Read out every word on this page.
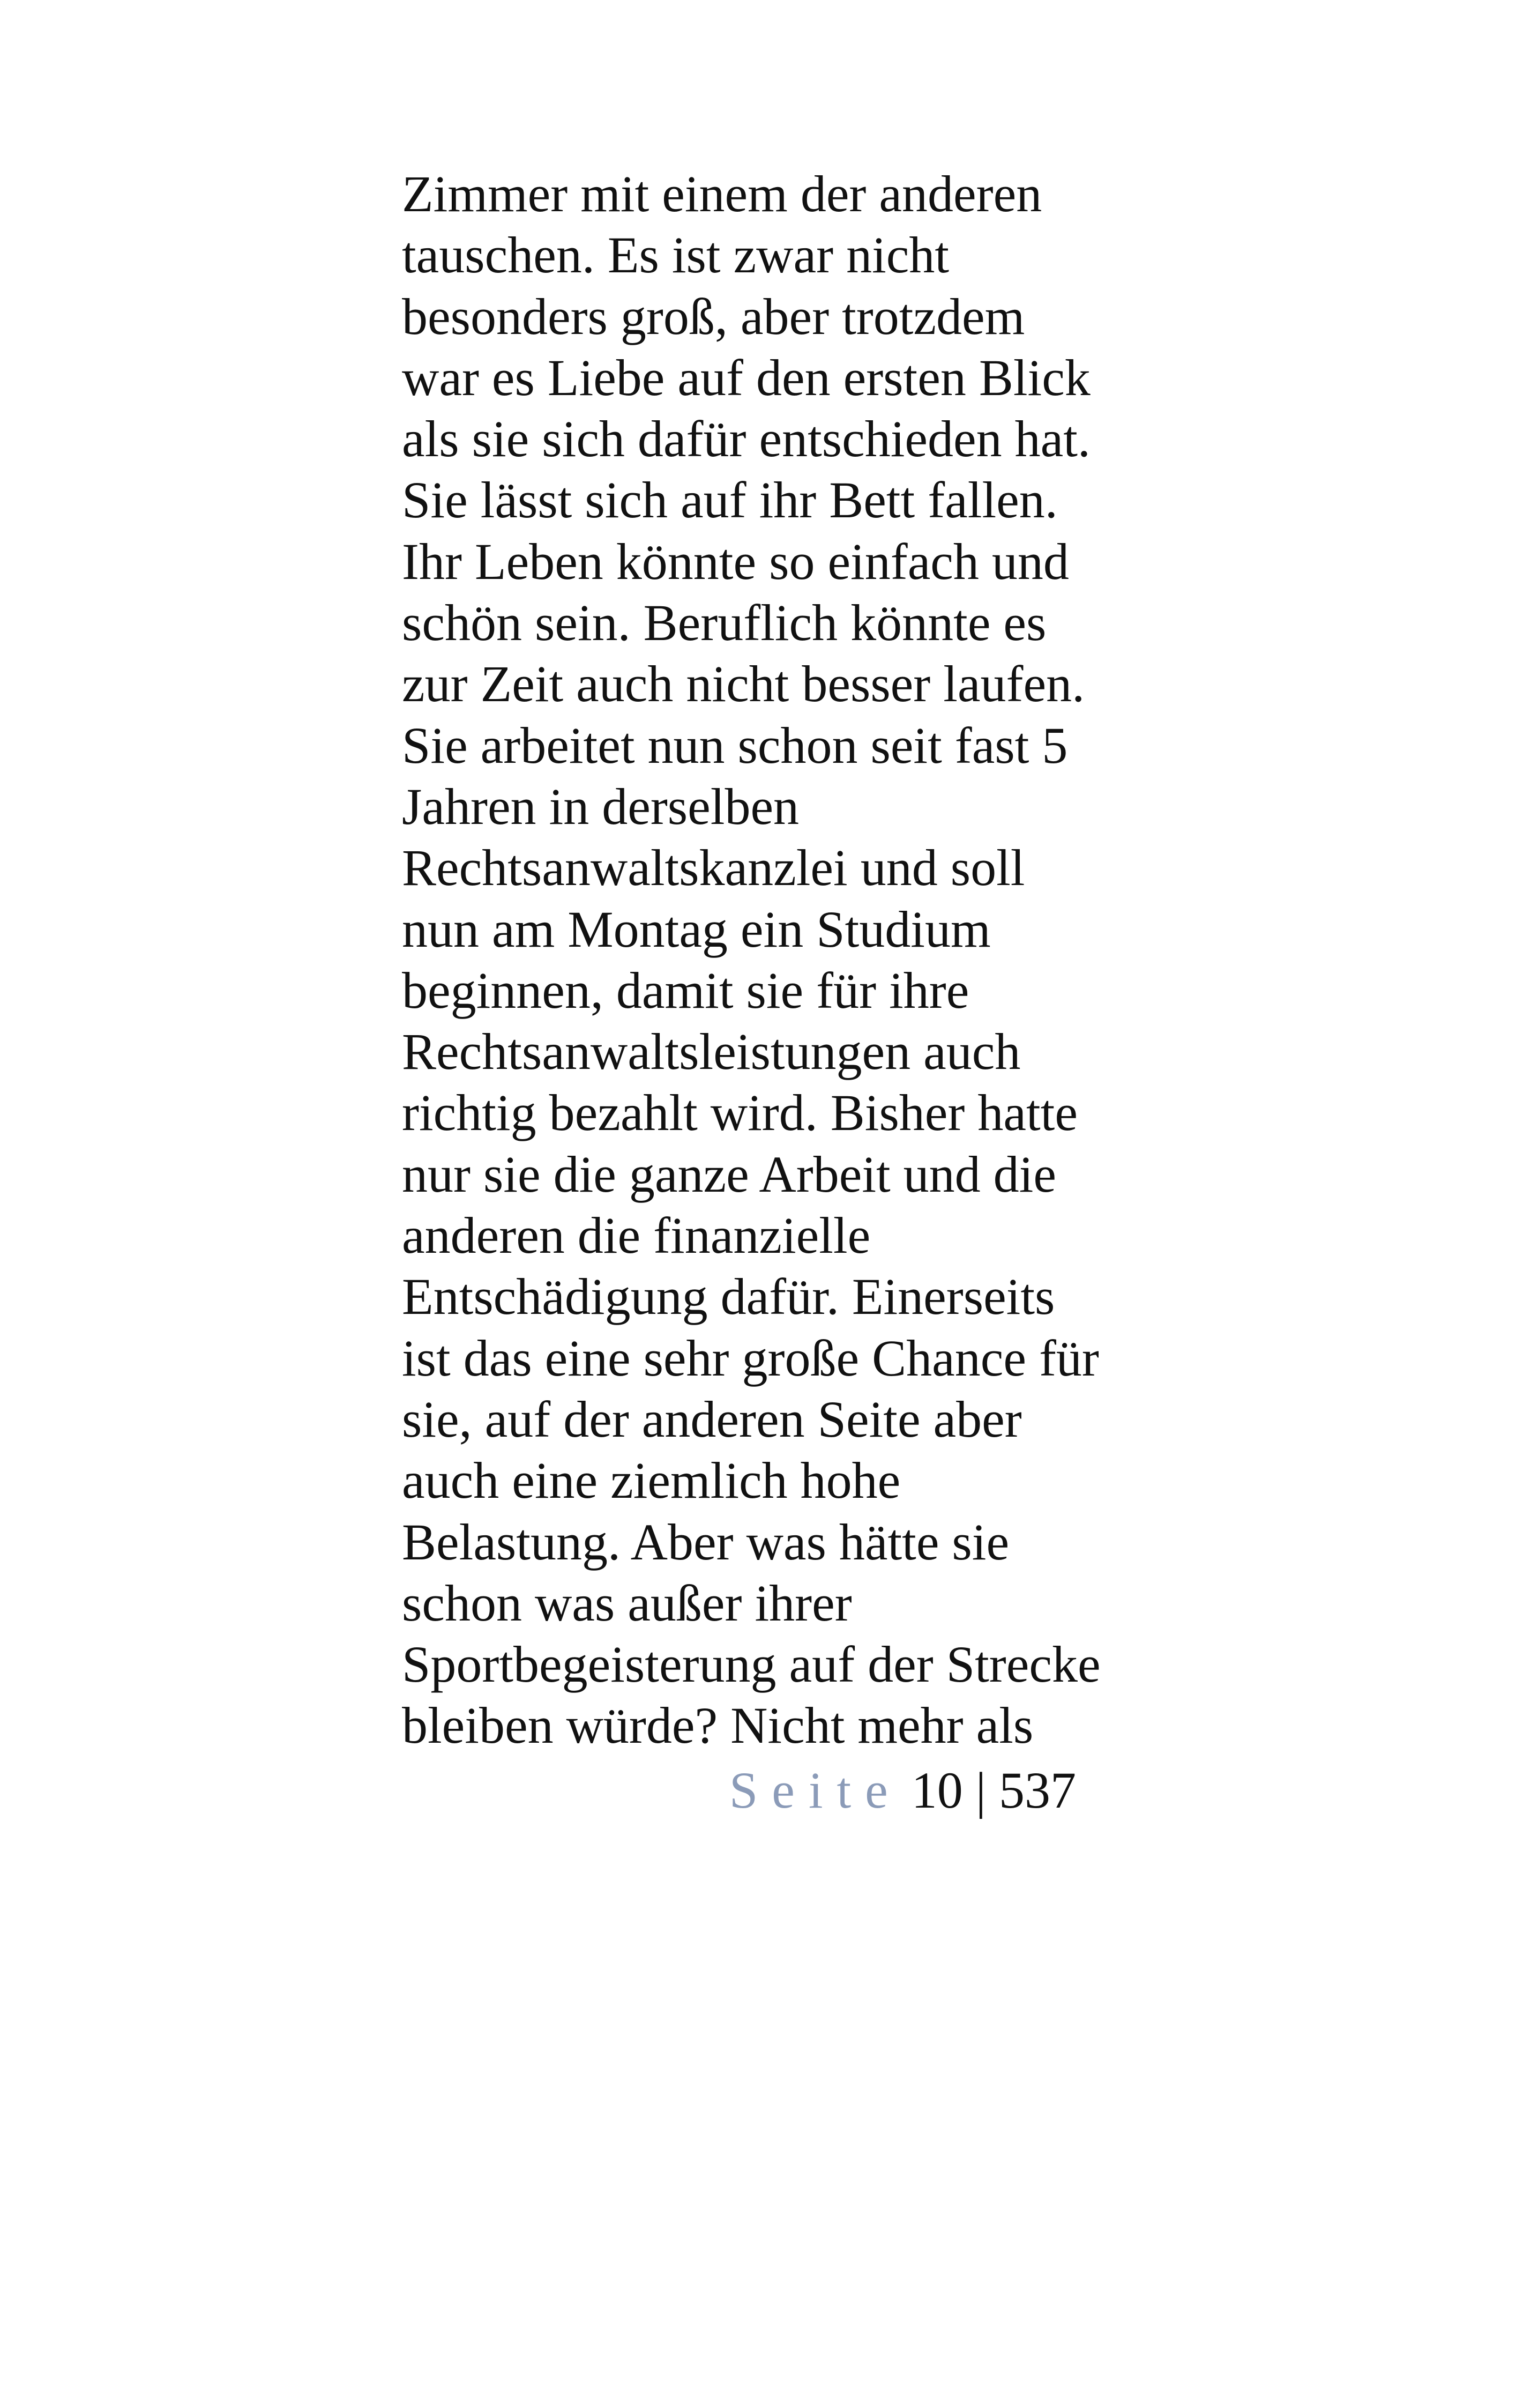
Zimmer mit einem der anderen
tauschen. Es ist zwar nicht
besonders groß, aber trotzdem
war es Liebe auf den ersten Blick
als sie sich dafür entschieden hat.
Sie lässt sich auf ihr Bett fallen.
Ihr Leben könnte so einfach und
schön sein. Beruflich könnte es
zur Zeit auch nicht besser laufen.
Sie arbeitet nun schon seit fast 5
Jahren in derselben
Rechtsanwaltskanzlei und soll
nun am Montag ein Studium
beginnen, damit sie für ihre
Rechtsanwaltsleistungen auch
richtig bezahlt wird. Bisher hatte
nur sie die ganze Arbeit und die
anderen die finanzielle
Entschädigung dafür. Einerseits
ist das eine sehr große Chance für
sie, auf der anderen Seite aber
auch eine ziemlich hohe
Belastung. Aber was hätte sie
schon was außer ihrer
Sportbegeisterung auf der Strecke
bleiben würde? Nicht mehr als
Seite 10 | 537
